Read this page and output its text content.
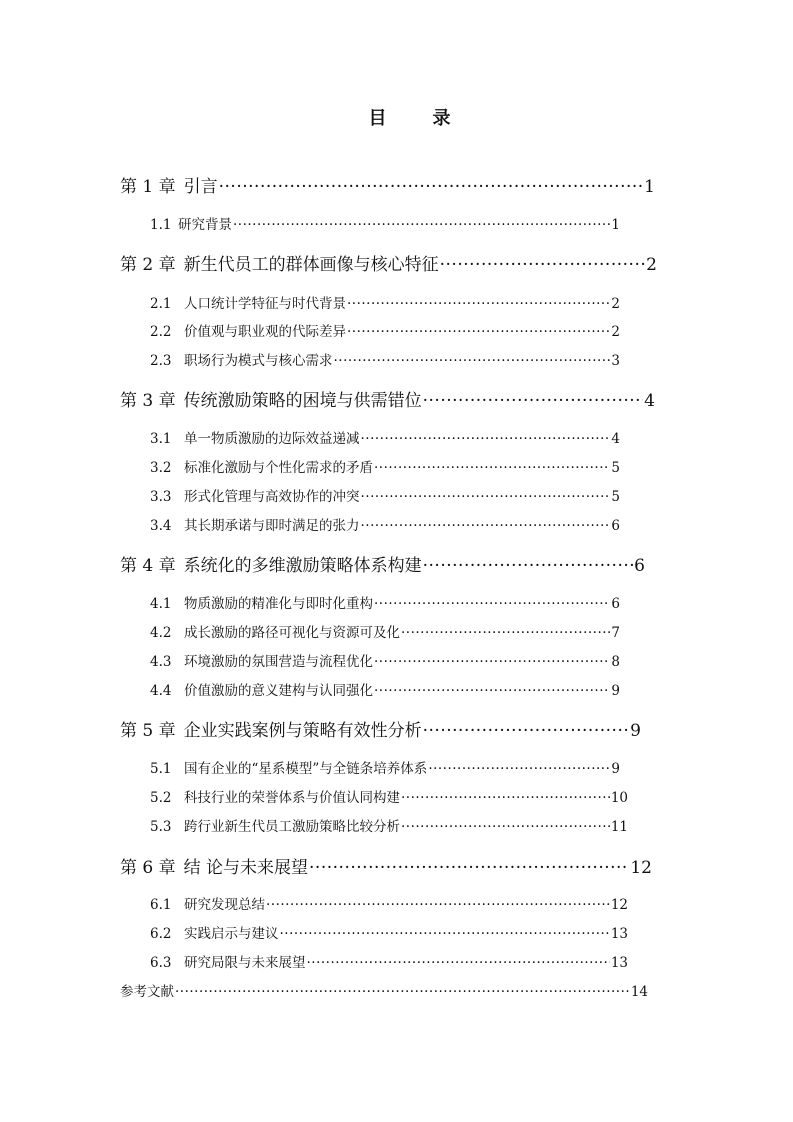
目　录
第 1 章 引言 ·····	1
1.1 研究背景 ·····	1
第 2 章 新生代员工的群体画像与核心特征 ·····	2
2.1 人口统计学特征与时代背景 ·····	2
2.2 价值观与职业观的代际差异 ·····	2
2.3 职场行为模式与核心需求 ·····	3
第 3 章 传统激励策略的困境与供需错位 ·····	4
3.1 单一物质激励的边际效益递减 ·····	4
3.2 标准化激励与个性化需求的矛盾 ·····	5
3.3 形式化管理与高效协作的冲突 ·····	5
3.4 其长期承诺与即时满足的张力 ·····	6
第 4 章 系统化的多维激励策略体系构建 ·····	6
4.1 物质激励的精准化与即时化重构 ·····	6
4.2 成长激励的路径可视化与资源可及化 ·····	7
4.3 环境激励的氛围营造与流程优化 ·····	8
4.4 价值激励的意义建构与认同强化 ·····	9
第 5 章 企业实践案例与策略有效性分析 ·····	9
5.1 国有企业的“星系模型”与全链条培养体系 ·····	9
5.2 科技行业的荣誉体系与价值认同构建 ·····	10
5.3 跨行业新生代员工激励策略比较分析 ·····	11
第 6 章 结 论与未来展望 ·····	12
6.1 研究发现总结 ·····	12
6.2 实践启示与建议 ·····	13
6.3 研究局限与未来展望 ·····	13
参考文献 ·····	14
